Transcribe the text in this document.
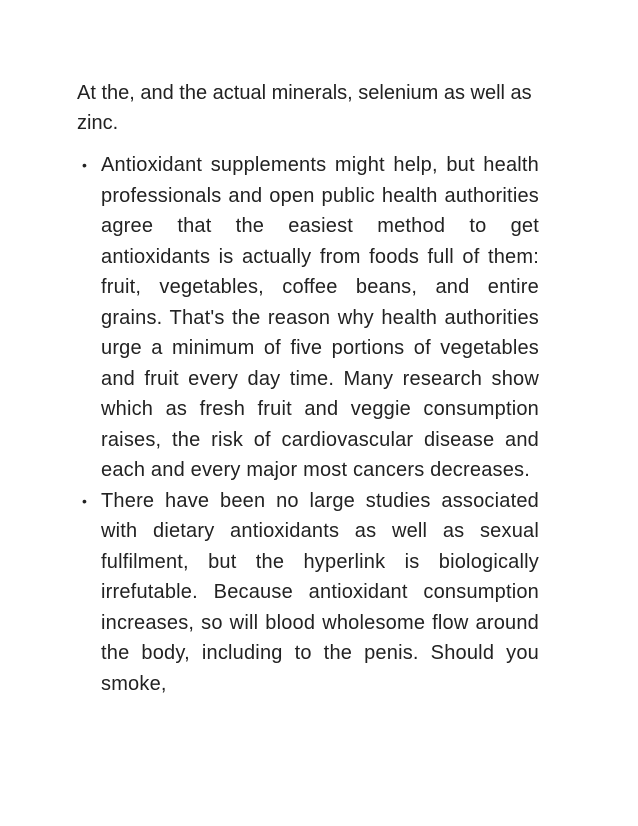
At the, and the actual minerals, selenium as well as zinc.

• Antioxidant supplements might help, but health professionals and open public health authorities agree that the easiest method to get antioxidants is actually from foods full of them: fruit, vegetables, coffee beans, and entire grains. That's the reason why health authorities urge a minimum of five portions of vegetables and fruit every day time. Many research show which as fresh fruit and veggie consumption raises, the risk of cardiovascular disease and each and every major most cancers decreases.
• There have been no large studies associated with dietary antioxidants as well as sexual fulfilment, but the hyperlink is biologically irrefutable. Because antioxidant consumption increases, so will blood wholesome flow around the body, including to the penis. Should you smoke,
